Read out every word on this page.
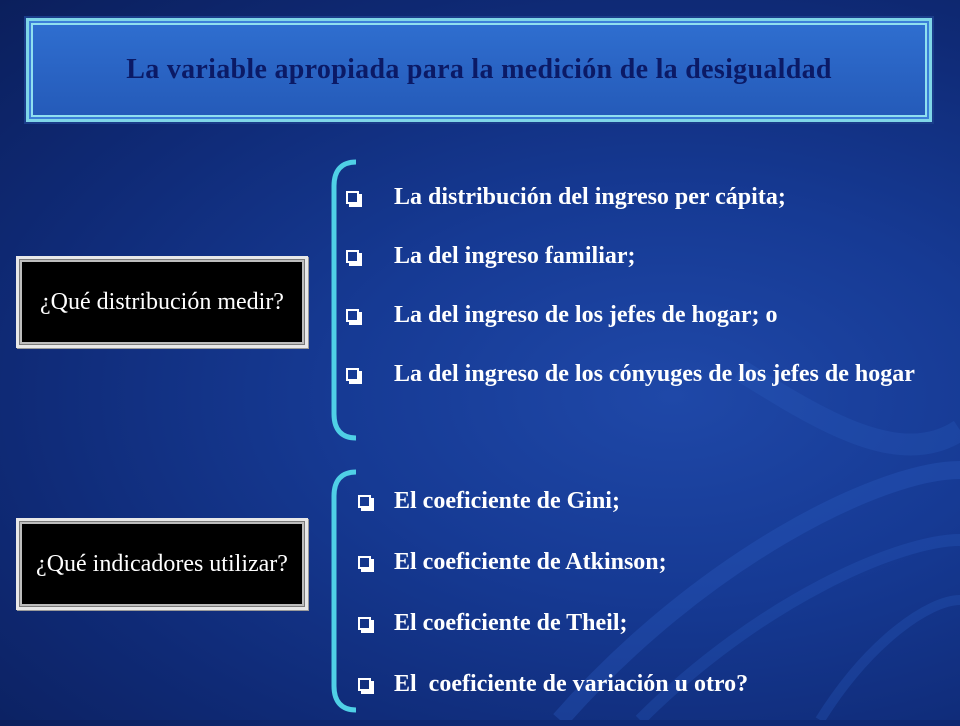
La variable apropiada para la medición de la desigualdad
¿Qué distribución medir?
¿Qué indicadores utilizar?
La distribución del ingreso per cápita;
La del ingreso familiar;
La del ingreso de los jefes de hogar; o
La del ingreso de los cónyuges de los jefes de hogar
El coeficiente de Gini;
El coeficiente de Atkinson;
El coeficiente de Theil;
El  coeficiente de variación u otro?
